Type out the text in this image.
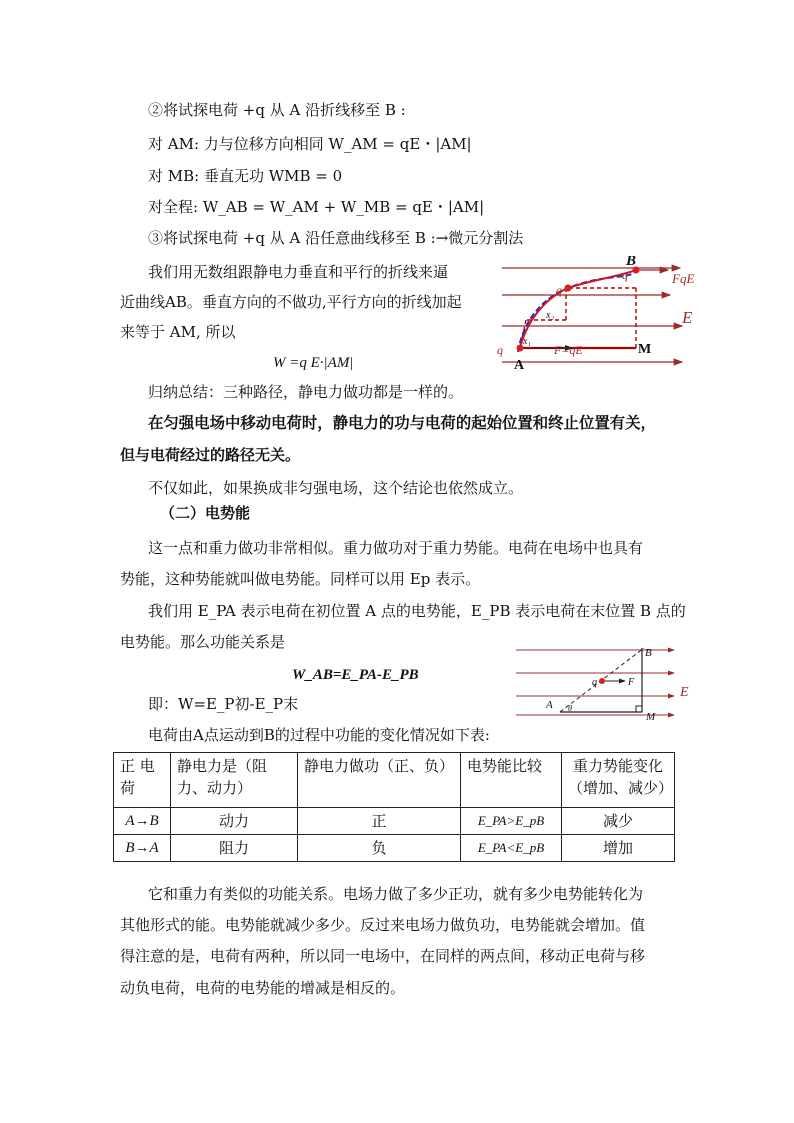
②将试探电荷 +q 从 A 沿折线移至 B :
对 AM: 力与位移方向相同 W_AM = qE・|AM|
对 MB: 垂直无功 WMB = 0
对全程: W_AB = W_AM + W_MB = qE・|AM|
③将试探电荷 +q 从 A 沿任意曲线移至 B :→微元分割法
我们用无数组跟静电力垂直和平行的折线来逼
近曲线AB。垂直方向的不做功,平行方向的折线加起
来等于 AM, 所以
W =q E·|AM|
B
A
M
E
FqE
F=qE
q
q
q
x₁
x₂
归纳总结：三种路径，静电力做功都是一样的。
在匀强电场中移动电荷时，静电力的功与电荷的起始位置和终止位置有关，
但与电荷经过的路径无关。
不仅如此，如果换成非匀强电场，这个结论也依然成立。
（二）电势能
这一点和重力做功非常相似。重力做功对于重力势能。电荷在电场中也具有
势能，这种势能就叫做电势能。同样可以用 Ep 表示。
我们用 E_PA 表示电荷在初位置 A 点的电势能，E_PB 表示电荷在末位置 B 点的
电势能。那么功能关系是
W_AB=E_PA-E_PB
即：W=E_P初-E_P末
B
A
M
E
F
q
θ
电荷由A点运动到B的过程中功能的变化情况如下表:
正 电荷	静电力是（阻力、动力）	静电力做功（正、负）	电势能比较	重力势能变化（增加、减少）
A→B	动力	正	E_PA>E_pB	减少
B→A	阻力	负	E_PA<E_pB	增加
它和重力有类似的功能关系。电场力做了多少正功，就有多少电势能转化为
其他形式的能。电势能就减少多少。反过来电场力做负功，电势能就会增加。值
得注意的是，电荷有两种，所以同一电场中，在同样的两点间，移动正电荷与移
动负电荷，电荷的电势能的增减是相反的。
